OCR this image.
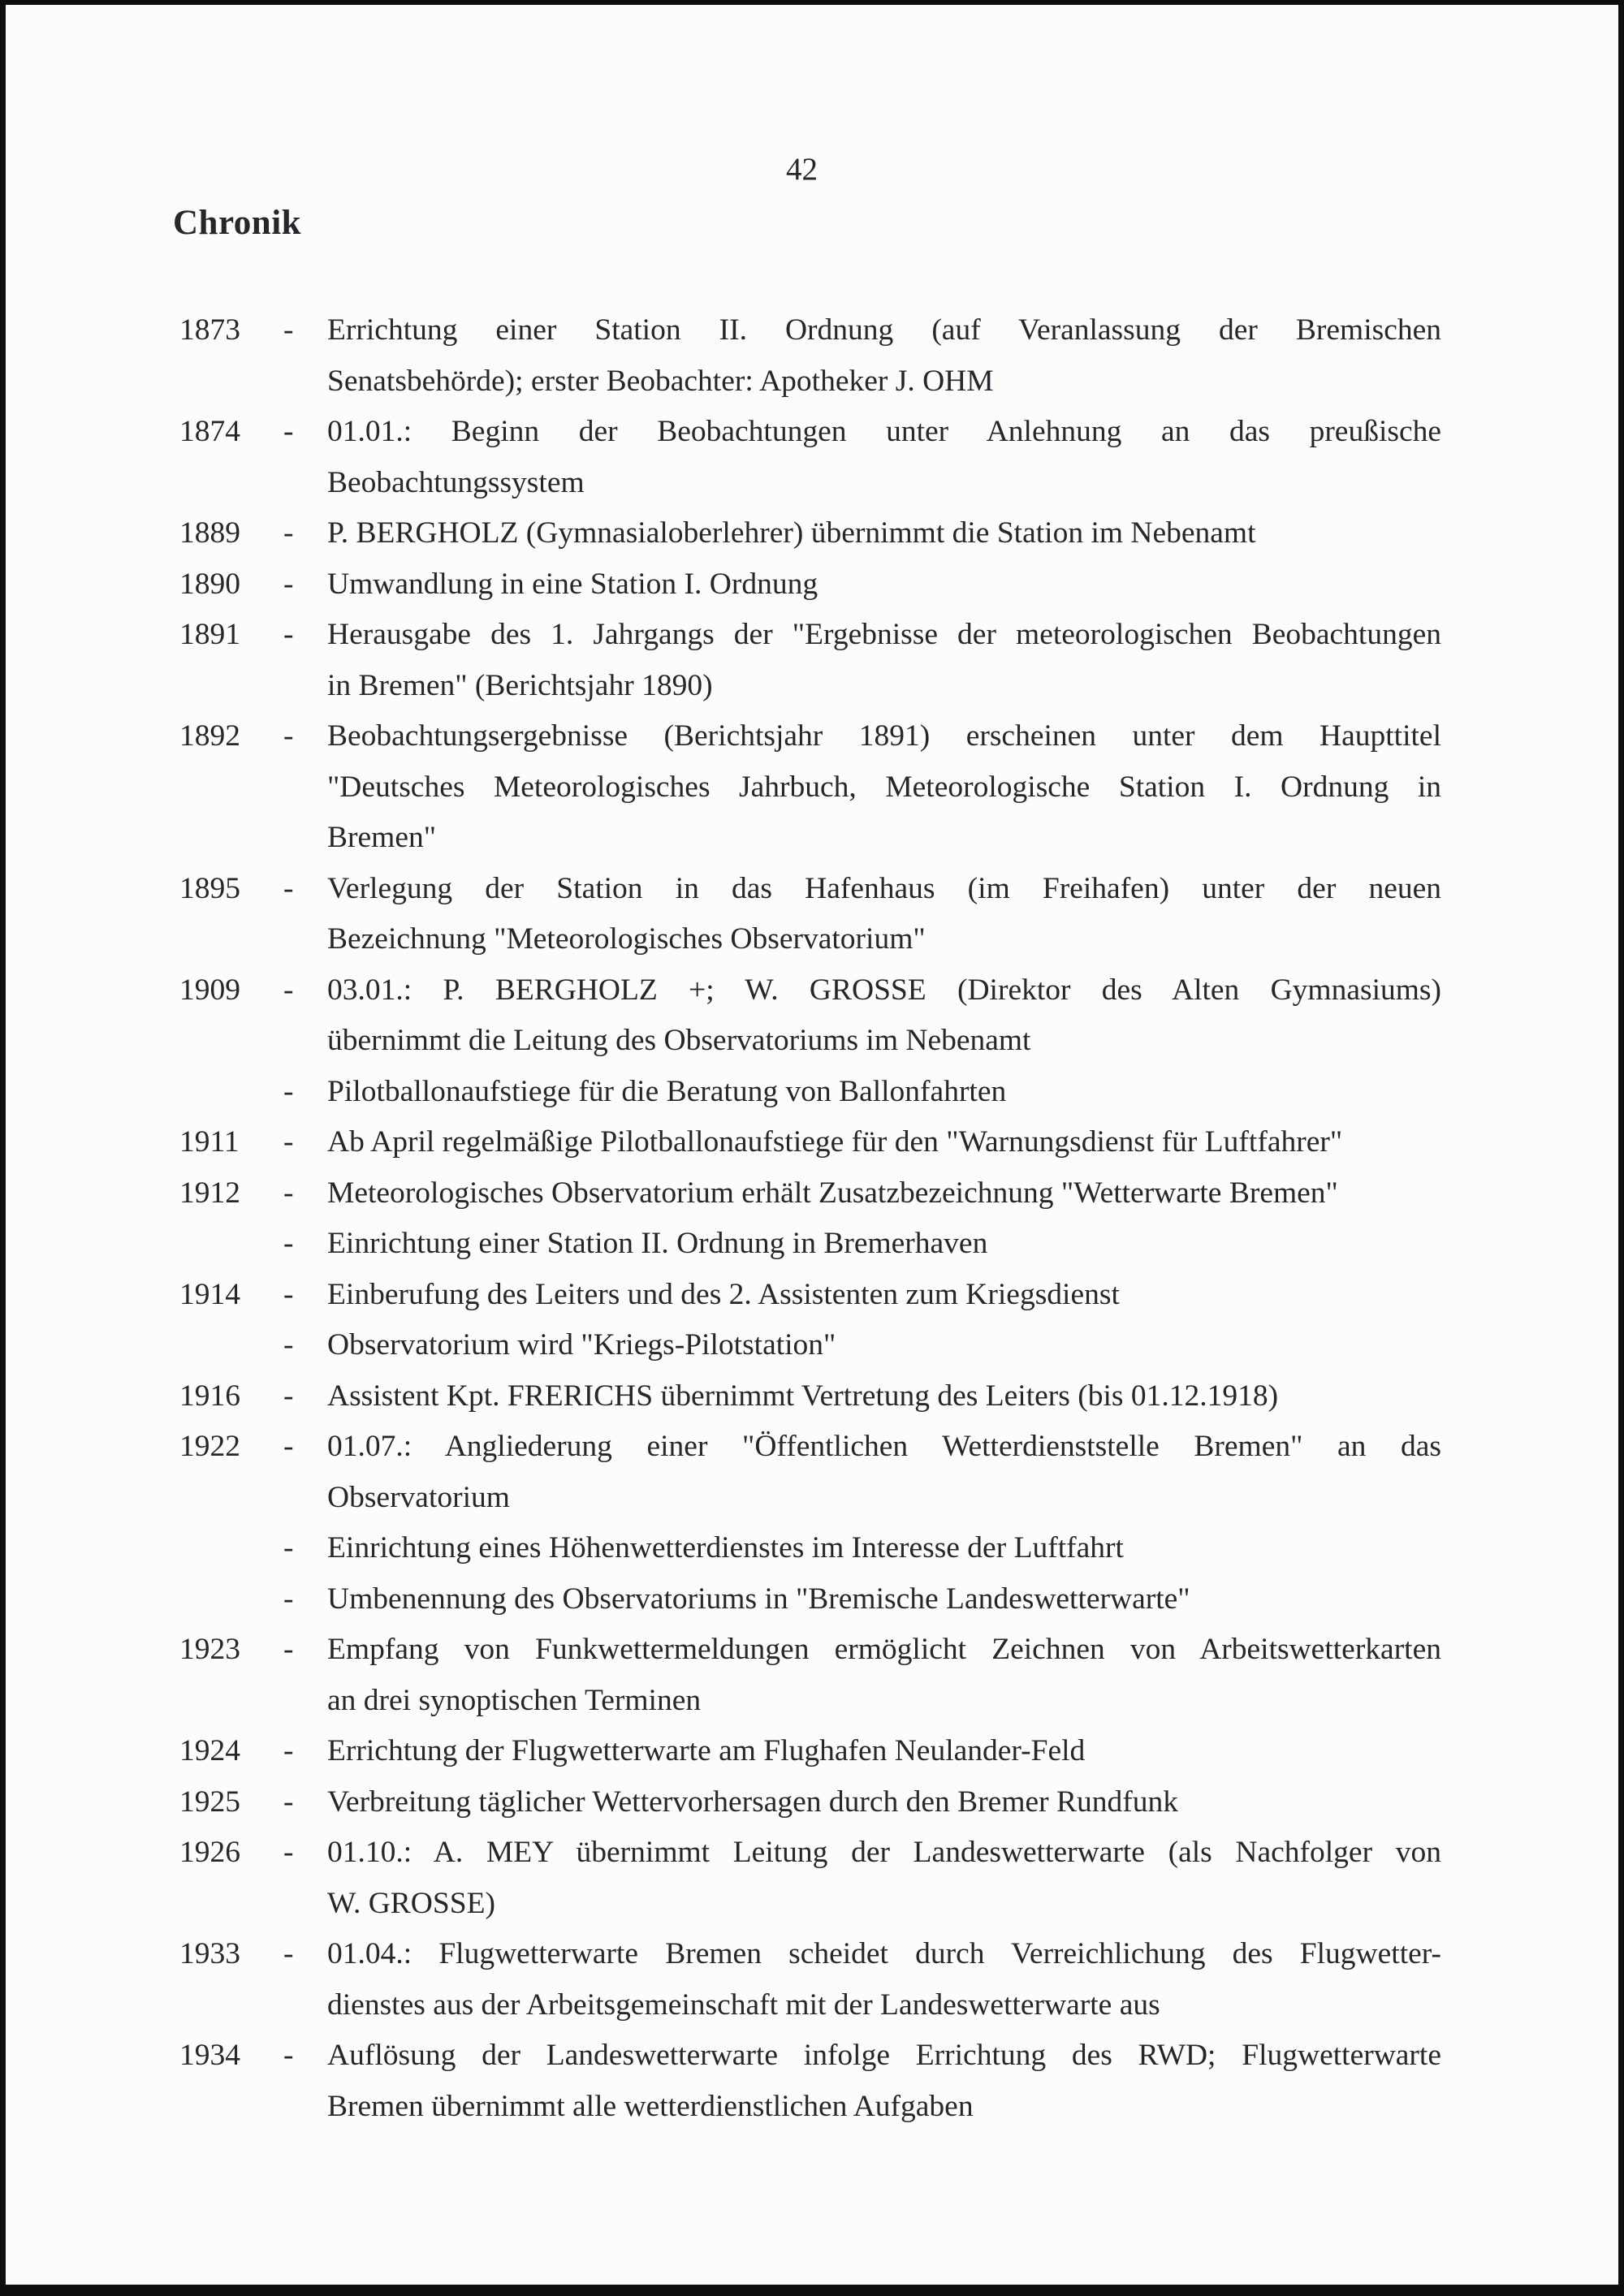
42
Chronik
1873	-	Errichtung einer Station II. Ordnung (auf Veranlassung der Bremischen
Senatsbehörde); erster Beobachter: Apotheker J. OHM
1874	-	01.01.: Beginn der Beobachtungen unter Anlehnung an das preußische
Beobachtungssystem
1889	-	P. BERGHOLZ (Gymnasialoberlehrer) übernimmt die Station im Nebenamt
1890	-	Umwandlung in eine Station I. Ordnung
1891	-	Herausgabe des 1. Jahrgangs der "Ergebnisse der meteorologischen Beobachtungen
in Bremen" (Berichtsjahr 1890)
1892	-	Beobachtungsergebnisse (Berichtsjahr 1891) erscheinen unter dem Haupttitel
"Deutsches Meteorologisches Jahrbuch, Meteorologische Station I. Ordnung in
Bremen"
1895	-	Verlegung der Station in das Hafenhaus (im Freihafen) unter der neuen
Bezeichnung "Meteorologisches Observatorium"
1909	-	03.01.: P. BERGHOLZ +; W. GROSSE (Direktor des Alten Gymnasiums)
übernimmt die Leitung des Observatoriums im Nebenamt
-	Pilotballonaufstiege für die Beratung von Ballonfahrten
1911	-	Ab April regelmäßige Pilotballonaufstiege für den "Warnungsdienst für Luftfahrer"
1912	-	Meteorologisches Observatorium erhält Zusatzbezeichnung "Wetterwarte Bremen"
-	Einrichtung einer Station II. Ordnung in Bremerhaven
1914	-	Einberufung des Leiters und des 2. Assistenten zum Kriegsdienst
-	Observatorium wird "Kriegs-Pilotstation"
1916	-	Assistent Kpt. FRERICHS übernimmt Vertretung des Leiters (bis 01.12.1918)
1922	-	01.07.: Angliederung einer "Öffentlichen Wetterdienststelle Bremen" an das
Observatorium
-	Einrichtung eines Höhenwetterdienstes im Interesse der Luftfahrt
-	Umbenennung des Observatoriums in "Bremische Landeswetterwarte"
1923	-	Empfang von Funkwettermeldungen ermöglicht Zeichnen von Arbeitswetterkarten
an drei synoptischen Terminen
1924	-	Errichtung der Flugwetterwarte am Flughafen Neulander-Feld
1925	-	Verbreitung täglicher Wettervorhersagen durch den Bremer Rundfunk
1926	-	01.10.: A. MEY übernimmt Leitung der Landeswetterwarte (als Nachfolger von
W. GROSSE)
1933	-	01.04.: Flugwetterwarte Bremen scheidet durch Verreichlichung des Flugwetter-
dienstes aus der Arbeitsgemeinschaft mit der Landeswetterwarte aus
1934	-	Auflösung der Landeswetterwarte infolge Errichtung des RWD; Flugwetterwarte
Bremen übernimmt alle wetterdienstlichen Aufgaben
